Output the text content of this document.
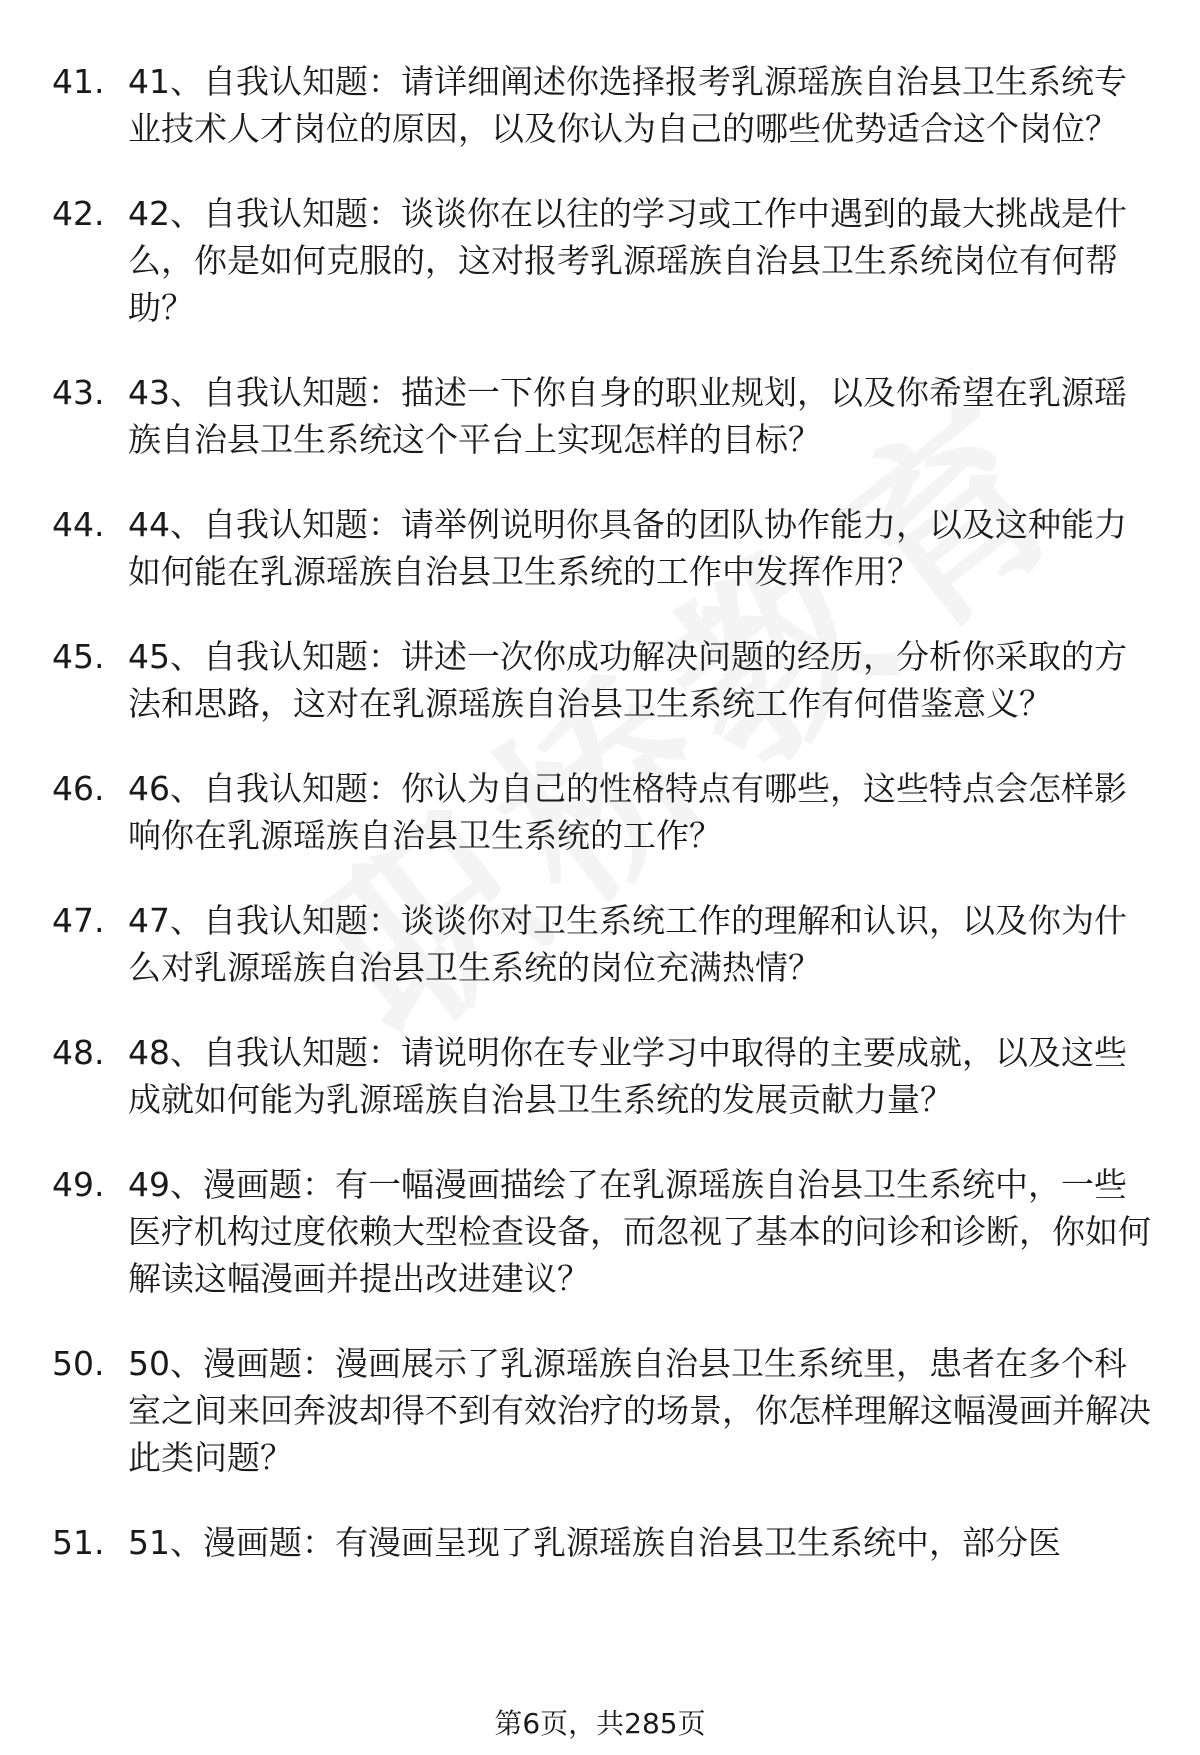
41. 41、自我认知题：请详细阐述你选择报考乳源瑶族自治县卫生系统专业技术人才岗位的原因，以及你认为自己的哪些优势适合这个岗位？
42. 42、自我认知题：谈谈你在以往的学习或工作中遇到的最大挑战是什么，你是如何克服的，这对报考乳源瑶族自治县卫生系统岗位有何帮助？
43. 43、自我认知题：描述一下你自身的职业规划，以及你希望在乳源瑶族自治县卫生系统这个平台上实现怎样的目标？
44. 44、自我认知题：请举例说明你具备的团队协作能力，以及这种能力如何能在乳源瑶族自治县卫生系统的工作中发挥作用？
45. 45、自我认知题：讲述一次你成功解决问题的经历，分析你采取的方法和思路，这对在乳源瑶族自治县卫生系统工作有何借鉴意义？
46. 46、自我认知题：你认为自己的性格特点有哪些，这些特点会怎样影响你在乳源瑶族自治县卫生系统的工作？
47. 47、自我认知题：谈谈你对卫生系统工作的理解和认识，以及你为什么对乳源瑶族自治县卫生系统的岗位充满热情？
48. 48、自我认知题：请说明你在专业学习中取得的主要成就，以及这些成就如何能为乳源瑶族自治县卫生系统的发展贡献力量？
49. 49、漫画题：有一幅漫画描绘了在乳源瑶族自治县卫生系统中，一些医疗机构过度依赖大型检查设备，而忽视了基本的问诊和诊断，你如何解读这幅漫画并提出改进建议？
50. 50、漫画题：漫画展示了乳源瑶族自治县卫生系统里，患者在多个科室之间来回奔波却得不到有效治疗的场景，你怎样理解这幅漫画并解决此类问题？
51. 51、漫画题：有漫画呈现了乳源瑶族自治县卫生系统中，部分医
第6页，共285页
